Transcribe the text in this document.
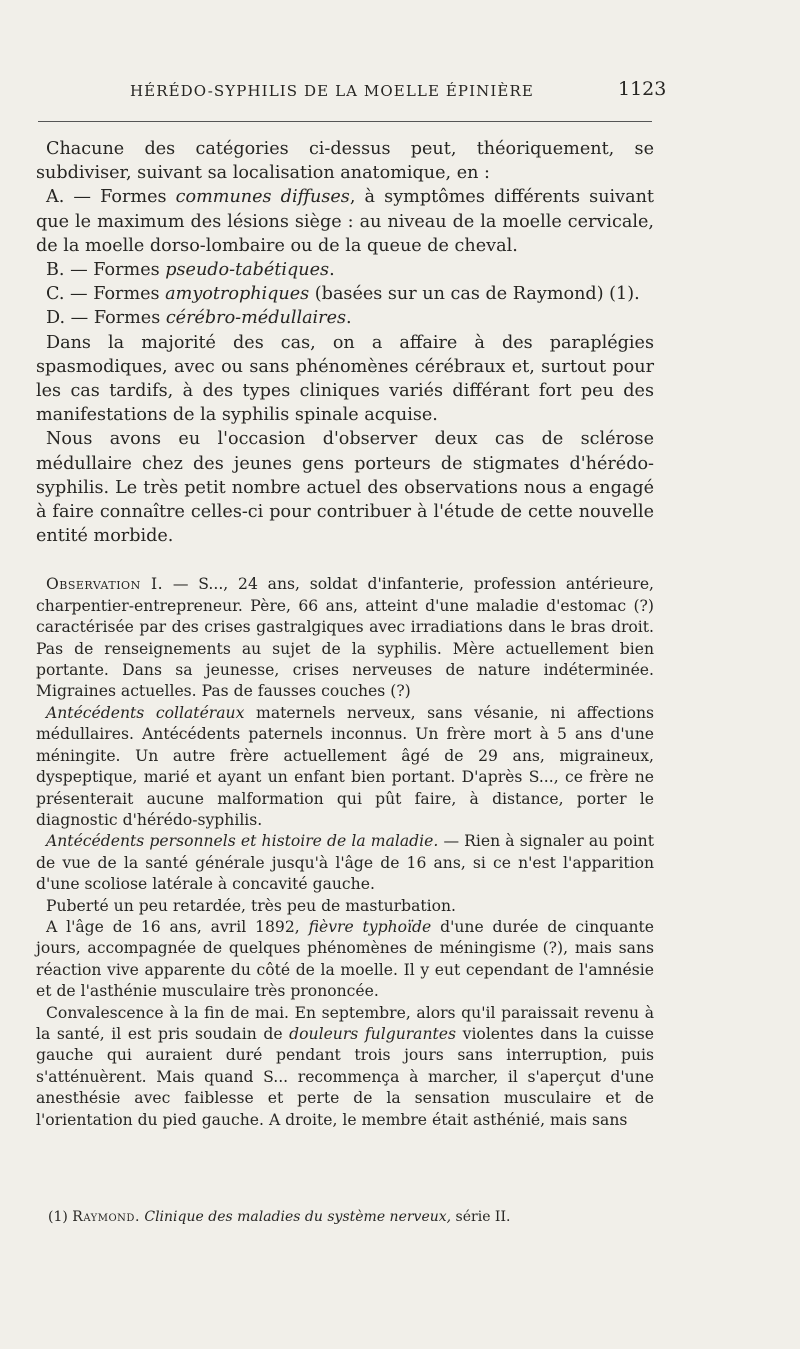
HÉRÉDO-SYPHILIS DE LA MOELLE ÉPINIÈRE	1123

Chacune des catégories ci-dessus peut, théoriquement, se subdiviser, suivant sa localisation anatomique, en :

A. — Formes communes diffuses, à symptômes différents suivant que le maximum des lésions siège : au niveau de la moelle cervicale, de la moelle dorso-lombaire ou de la queue de cheval.

B. — Formes pseudo-tabétiques.

C. — Formes amyotrophiques (basées sur un cas de Raymond) (1).

D. — Formes cérébro-médullaires.

Dans la majorité des cas, on a affaire à des paraplégies spasmodiques, avec ou sans phénomènes cérébraux et, surtout pour les cas tardifs, à des types cliniques variés différant fort peu des manifestations de la syphilis spinale acquise.

Nous avons eu l'occasion d'observer deux cas de sclérose médullaire chez des jeunes gens porteurs de stigmates d'hérédo-syphilis. Le très petit nombre actuel des observations nous a engagé à faire connaître celles-ci pour contribuer à l'étude de cette nouvelle entité morbide.

Observation I. — S..., 24 ans, soldat d'infanterie, profession antérieure, charpentier-entrepreneur. Père, 66 ans, atteint d'une maladie d'estomac (?) caractérisée par des crises gastralgiques avec irradiations dans le bras droit. Pas de renseignements au sujet de la syphilis. Mère actuellement bien portante. Dans sa jeunesse, crises nerveuses de nature indéterminée. Migraines actuelles. Pas de fausses couches (?)

Antécédents collatéraux maternels nerveux, sans vésanie, ni affections médullaires. Antécédents paternels inconnus. Un frère mort à 5 ans d'une méningite. Un autre frère actuellement âgé de 29 ans, migraineux, dyspeptique, marié et ayant un enfant bien portant. D'après S..., ce frère ne présenterait aucune malformation qui pût faire, à distance, porter le diagnostic d'hérédo-syphilis.

Antécédents personnels et histoire de la maladie. — Rien à signaler au point de vue de la santé générale jusqu'à l'âge de 16 ans, si ce n'est l'apparition d'une scoliose latérale à concavité gauche.

Puberté un peu retardée, très peu de masturbation.

A l'âge de 16 ans, avril 1892, fièvre typhoïde d'une durée de cinquante jours, accompagnée de quelques phénomènes de méningisme (?), mais sans réaction vive apparente du côté de la moelle. Il y eut cependant de l'amnésie et de l'asthénie musculaire très prononcée.

Convalescence à la fin de mai. En septembre, alors qu'il paraissait revenu à la santé, il est pris soudain de douleurs fulgurantes violentes dans la cuisse gauche qui auraient duré pendant trois jours sans interruption, puis s'atténuèrent. Mais quand S... recommença à marcher, il s'aperçut d'une anesthésie avec faiblesse et perte de la sensation musculaire et de l'orientation du pied gauche. A droite, le membre était asthénié, mais sans

(1) Raymond. Clinique des maladies du système nerveux, série II.
